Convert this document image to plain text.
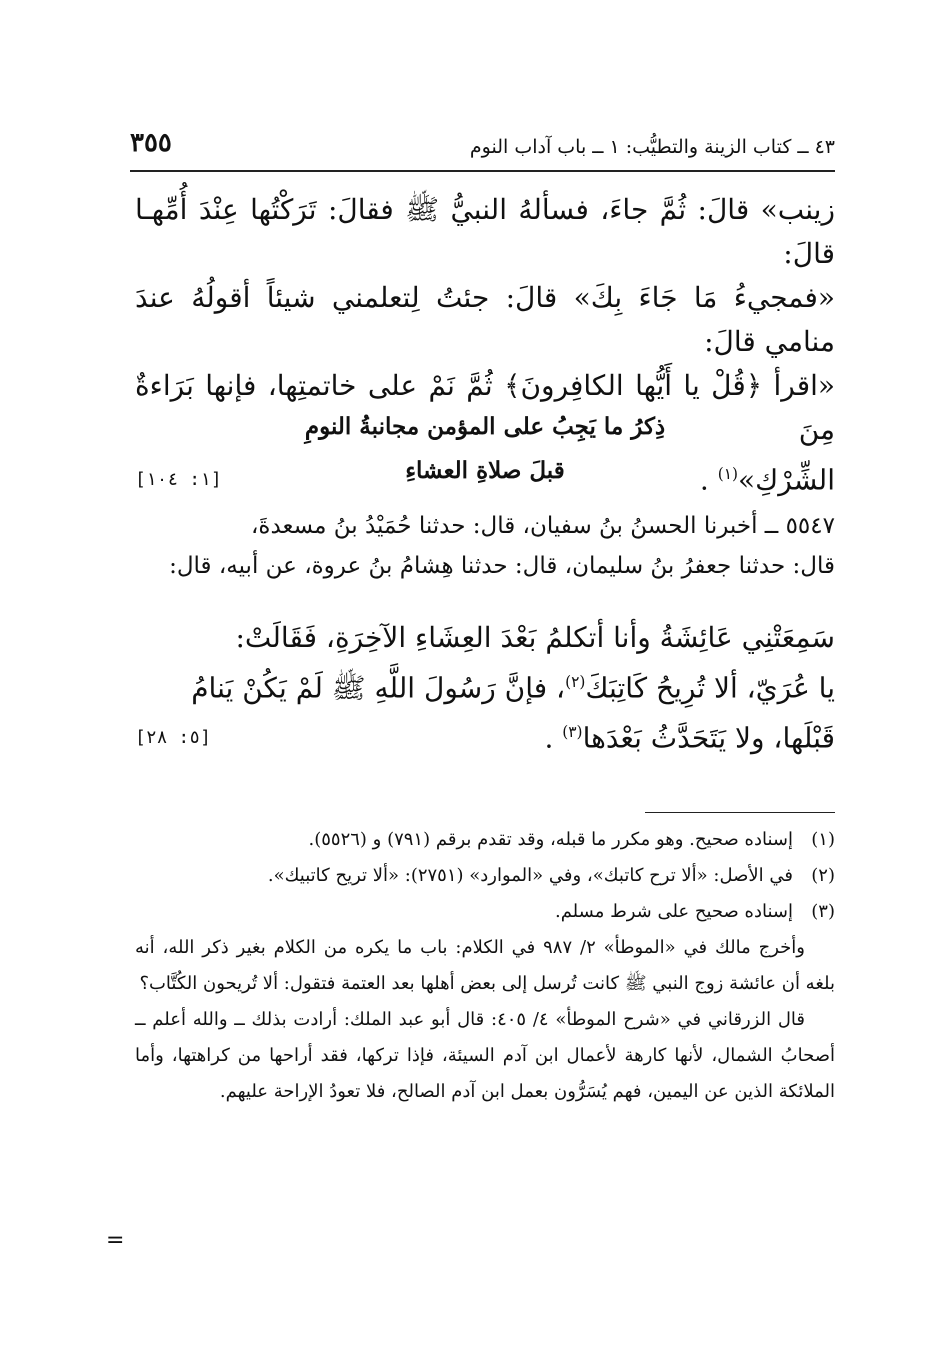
٤٣ ــ كتاب الزينة والتطيُّب: ١ ــ باب آداب النوم
٣٥٥
زينب» قالَ: ثُمَّ جاءَ، فسألهُ النبيُّ ﷺ فقالَ: تَرَكْتُها عِنْدَ أُمِّهـا قالَ:
«فمجيءُ مَا جَاءَ بِكَ» قالَ: جئتُ لِتعلمني شيئاً أقولُهُ عندَ منامي قالَ:
«اقرأ ﴿قُلْ يا أَيُّها الكافِرونَ﴾ ثُمَّ نَمْ على خاتمتِها، فإنها بَرَاءةٌ مِنَ
الشِّرْكِ»$^{(١)}$ .
[١: ١٠٤]
ذِكرُ ما يَجِبُ على المؤمن مجانبةُ النومِ
قبلَ صلاةِ العشاءِ
٥٥٤٧ ــ أخبرنا الحسنُ بنُ سفيان، قال: حدثنا حُمَيْدُ بنُ مسعدةَ،
قال: حدثنا جعفرُ بنُ سليمان، قال: حدثنا هِشامُ بنُ عروة، عن أبيه، قال:
سَمِعَتْنِي عَائِشَةُ وأنا أتكلمُ بَعْدَ العِشَاءِ الآخِرَةِ، فَقَالَتْ:
يا عُرَيّ، ألا تُرِيحُ كَاتِبَكَ$^{(٢)}$، فإنَّ رَسُولَ اللَّهِ ﷺ لَمْ يَكُنْ يَنامُ
قَبْلَها، ولا يَتَحَدَّثُ بَعْدَها$^{(٣)}$ .
[٥: ٢٨]
(١)
إسناده صحيح. وهو مكرر ما قبله، وقد تقدم برقم (٧٩١) و (٥٥٢٦).
(٢)
في الأصل: «ألا ترح كاتبك»، وفي «الموارد» (٢٧٥١): «ألا تريح كاتبيك».
(٣)
إسناده صحيح على شرط مسلم.
وأخرج مالك في «الموطأ» ٢/ ٩٨٧ في الكلام: باب ما يكره من الكلام بغير ذكر الله، أنه بلغه أن عائشة زوج النبي ﷺ كانت تُرسل إلى بعض أهلها بعد العتمة فتقول: ألا تُريحون الكُتَّاب؟
قال الزرقاني في «شرح الموطأ» ٤/ ٤٠٥: قال أبو عبد الملك: أرادت بذلك ــ والله أعلم ــ أصحابُ الشمال، لأنها كارهة لأعمال ابن آدم السيئة، فإذا تركها، فقد أراحها من كراهتها، وأما الملائكة الذين عن اليمين، فهم يُسَرُّون بعمل ابن آدم الصالح، فلا تعودُ الإراحة عليهم.
=
